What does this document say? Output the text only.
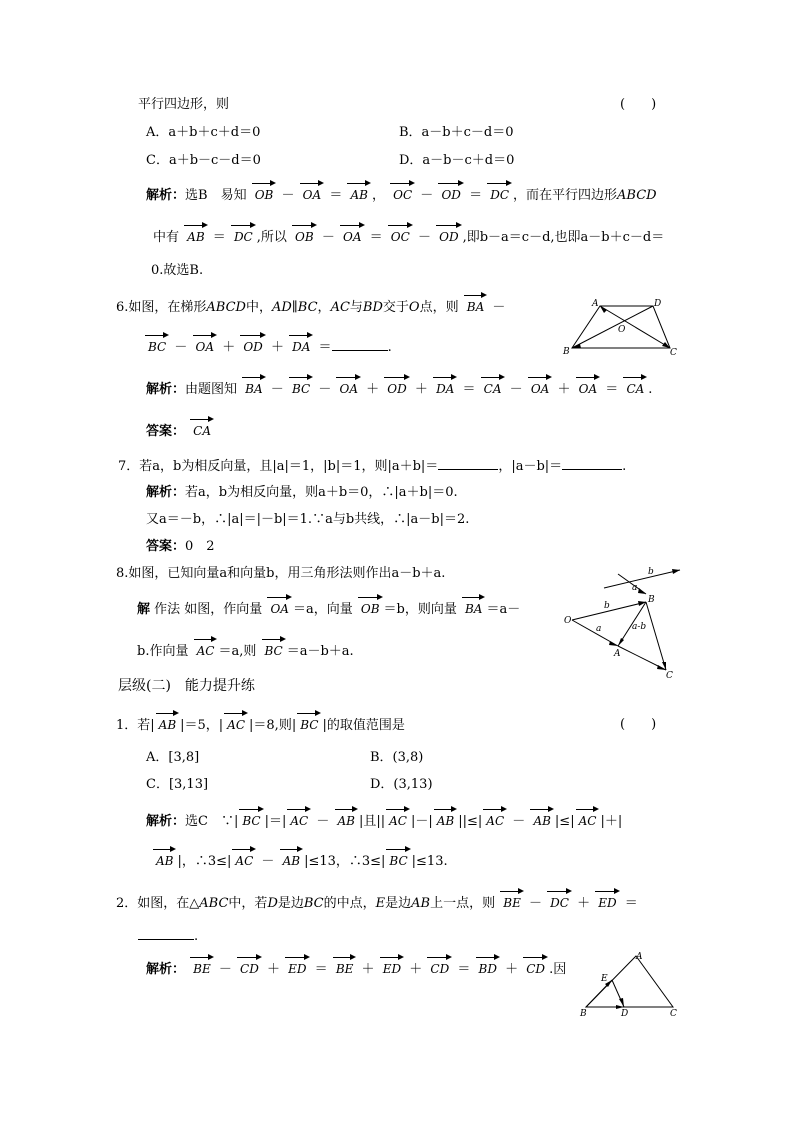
平行四边形，则	(　　)
A．a＋b＋c＋d＝0	B．a－b＋c－d＝0
C．a＋b－c－d＝0	D．a－b－c＋d＝0
解析：选B　易知 OB － OA ＝ AB ， OC － OD ＝ DC ，而在平行四边形ABCD
中有 AB ＝ DC ,所以 OB － OA ＝ OC － OD ,即b－a＝c－d,也即a－b＋c－d＝
0.故选B.
6.如图，在梯形ABCD中，AD∥BC，AC与BD交于O点，则 BA －
BC － OA ＋ OD ＋ DA ＝	.
解析：由题图知 BA － BC － OA ＋ OD ＋ DA ＝ CA － OA ＋ OA ＝ CA .
答案： CA
A	D
O
B	C
7．若a，b为相反向量，且|a|＝1，|b|＝1，则|a＋b|＝	，|a－b|＝	.
解析：若a，b为相反向量，则a＋b＝0，∴|a＋b|＝0.
又a＝－b，∴|a|＝|－b|＝1.∵a与b共线，∴|a－b|＝2.
答案：0　2
8.如图，已知向量a和向量b，用三角形法则作出a－b＋a.
解 作法 如图，作向量 OA ＝a，向量 OB ＝b，则向量 BA ＝a－
b.作向量 AC ＝a,则 BC ＝a－b＋a.
b
a
B
b
O
a	a-b
A
C
层级(二)　能力提升练
1．若| AB |＝5，| AC |＝8,则| BC |的取值范围是	(　　)
A．[3,8]	B．(3,8)
C．[3,13]	D．(3,13)
解析：选C　∵| BC |＝| AC － AB |且|| AC |－| AB ||≤| AC － AB |≤| AC |＋|
AB |，∴3≤| AC － AB |≤13，∴3≤| BC |≤13.
2．如图，在△ABC中，若D是边BC的中点，E是边AB上一点，则 BE － DC ＋ ED ＝
.
解析： BE － CD ＋ ED ＝ BE ＋ ED ＋ CD ＝ BD ＋ CD .因
A
E
B	D	C
